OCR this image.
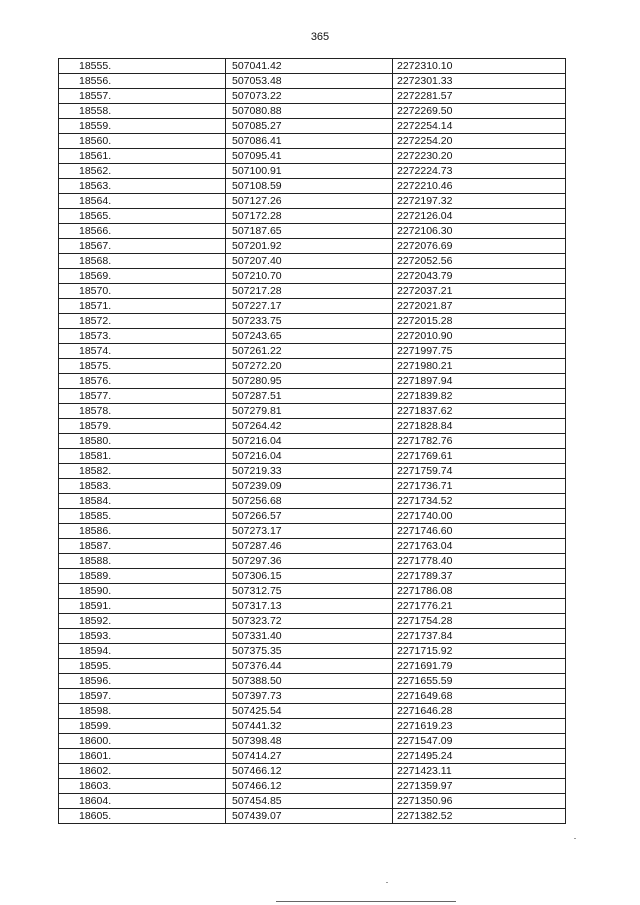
365
18555.	507041.42	2272310.10
18556.	507053.48	2272301.33
18557.	507073.22	2272281.57
18558.	507080.88	2272269.50
18559.	507085.27	2272254.14
18560.	507086.41	2272254.20
18561.	507095.41	2272230.20
18562.	507100.91	2272224.73
18563.	507108.59	2272210.46
18564.	507127.26	2272197.32
18565.	507172.28	2272126.04
18566.	507187.65	2272106.30
18567.	507201.92	2272076.69
18568.	507207.40	2272052.56
18569.	507210.70	2272043.79
18570.	507217.28	2272037.21
18571.	507227.17	2272021.87
18572.	507233.75	2272015.28
18573.	507243.65	2272010.90
18574.	507261.22	2271997.75
18575.	507272.20	2271980.21
18576.	507280.95	2271897.94
18577.	507287.51	2271839.82
18578.	507279.81	2271837.62
18579.	507264.42	2271828.84
18580.	507216.04	2271782.76
18581.	507216.04	2271769.61
18582.	507219.33	2271759.74
18583.	507239.09	2271736.71
18584.	507256.68	2271734.52
18585.	507266.57	2271740.00
18586.	507273.17	2271746.60
18587.	507287.46	2271763.04
18588.	507297.36	2271778.40
18589.	507306.15	2271789.37
18590.	507312.75	2271786.08
18591.	507317.13	2271776.21
18592.	507323.72	2271754.28
18593.	507331.40	2271737.84
18594.	507375.35	2271715.92
18595.	507376.44	2271691.79
18596.	507388.50	2271655.59
18597.	507397.73	2271649.68
18598.	507425.54	2271646.28
18599.	507441.32	2271619.23
18600.	507398.48	2271547.09
18601.	507414.27	2271495.24
18602.	507466.12	2271423.11
18603.	507466.12	2271359.97
18604.	507454.85	2271350.96
18605.	507439.07	2271382.52
